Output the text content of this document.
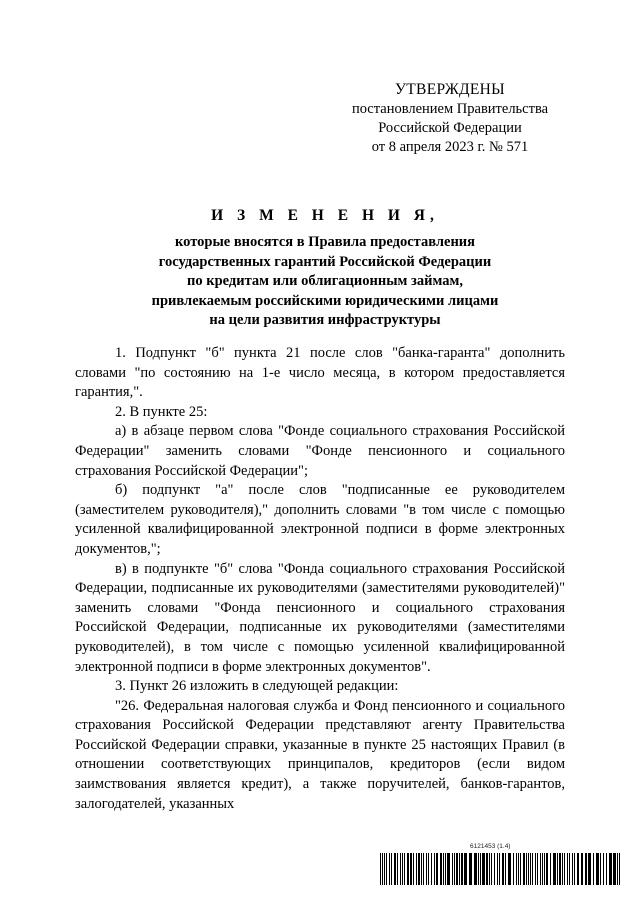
УТВЕРЖДЕНЫ
постановлением Правительства
Российской Федерации
от 8 апреля 2023 г. № 571
И З М Е Н Е Н И Я,
которые вносятся в Правила предоставления
государственных гарантий Российской Федерации
по кредитам или облигационным займам,
привлекаемым российскими юридическими лицами
на цели развития инфраструктуры

1. Подпункт "б" пункта 21 после слов "банка-гаранта" дополнить словами "по состоянию на 1-е число месяца, в котором предоставляется гарантия,".

2. В пункте 25:

а) в абзаце первом слова "Фонде социального страхования Российской Федерации" заменить словами "Фонде пенсионного и социального страхования Российской Федерации";

б) подпункт "а" после слов "подписанные ее руководителем (заместителем руководителя)," дополнить словами "в том числе с помощью усиленной квалифицированной электронной подписи в форме электронных документов,";

в) в подпункте "б" слова "Фонда социального страхования Российской Федерации, подписанные их руководителями (заместителями руководителей)" заменить словами "Фонда пенсионного и социального страхования Российской Федерации, подписанные их руководителями (заместителями руководителей), в том числе с помощью усиленной квалифицированной электронной подписи в форме электронных документов".

3. Пункт 26 изложить в следующей редакции:

"26. Федеральная налоговая служба и Фонд пенсионного и социального страхования Российской Федерации представляют агенту Правительства Российской Федерации справки, указанные в пункте 25 настоящих Правил (в отношении соответствующих принципалов, кредиторов (если видом заимствования является кредит), а также поручителей, банков-гарантов, залогодателей, указанных

6121453 (1.4)
